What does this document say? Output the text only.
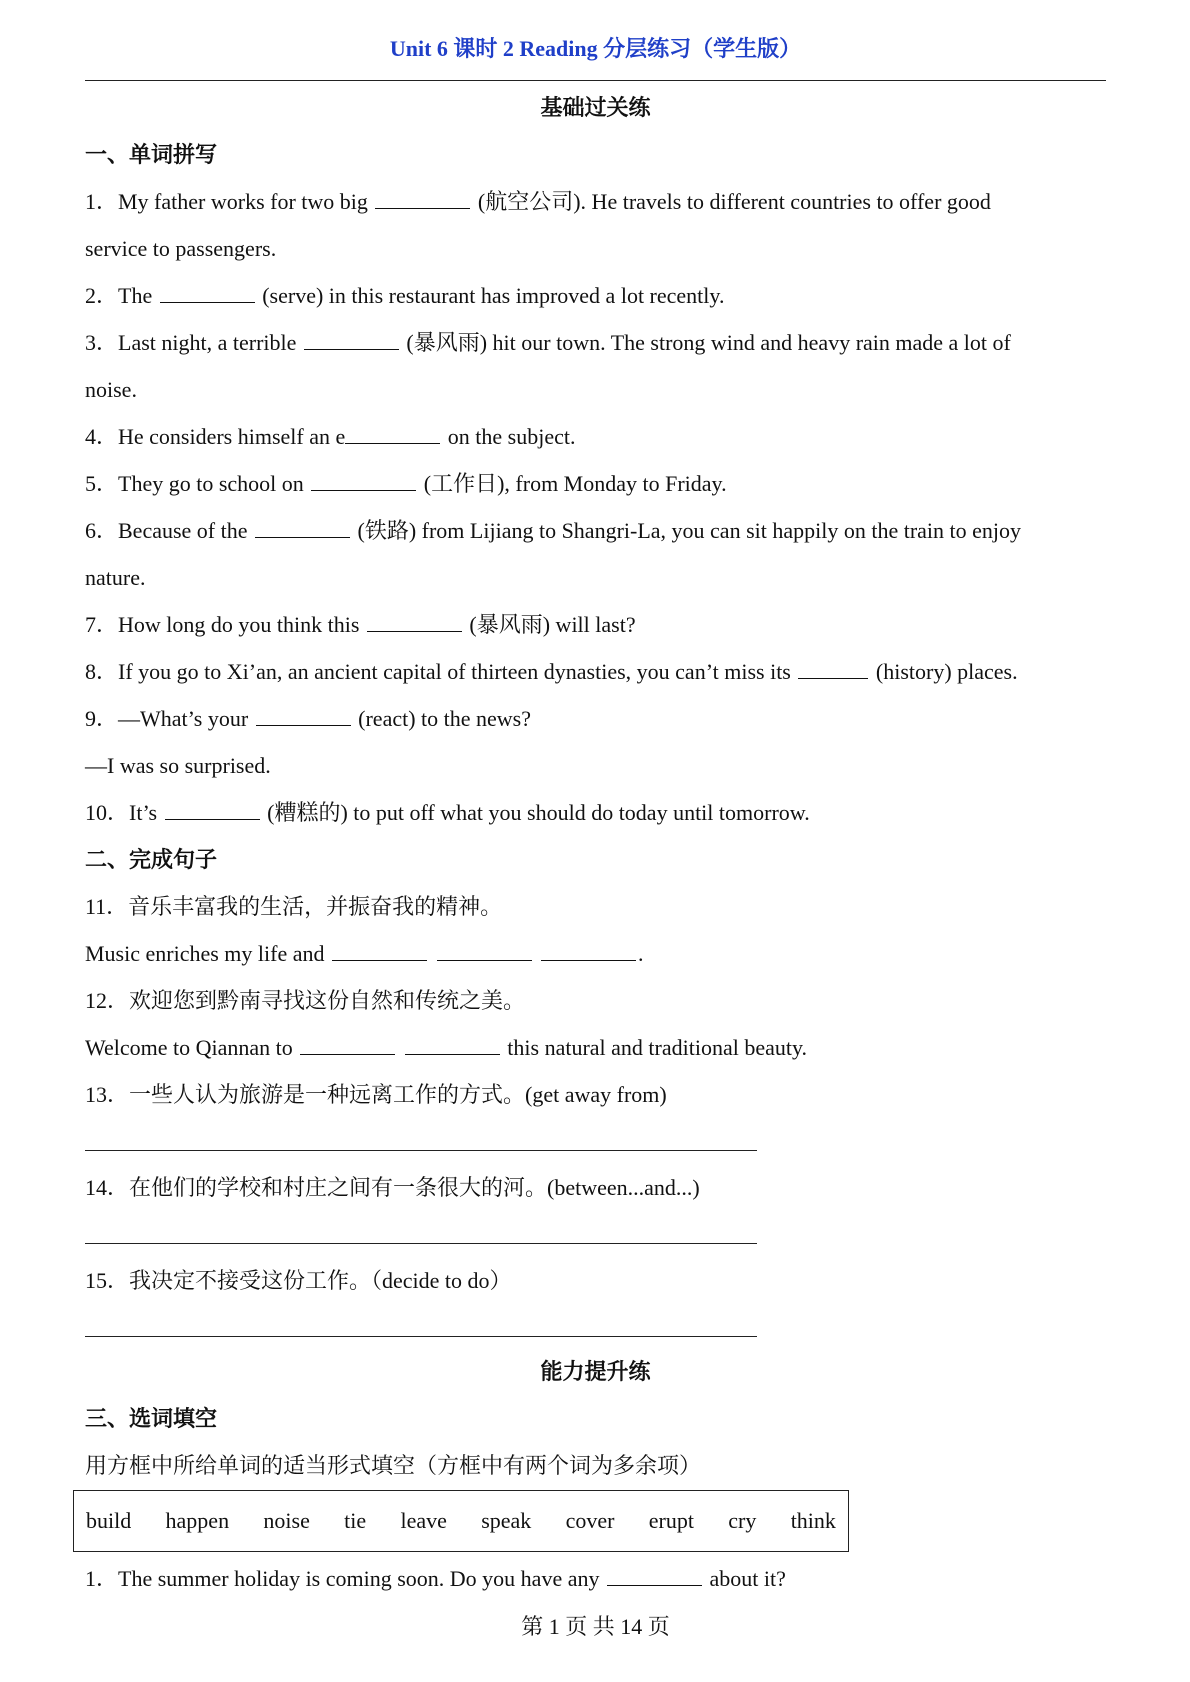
Unit 6 课时 2 Reading 分层练习（学生版）
基础过关练
一、单词拼写
1．My father works for two big	(航空公司). He travels to different countries to offer good
service to passengers.
2．The	(serve) in this restaurant has improved a lot recently.
3．Last night, a terrible	(暴风雨) hit our town. The strong wind and heavy rain made a lot of
noise.
4．He considers himself an e	on the subject.
5．They go to school on	(工作日), from Monday to Friday.
6．Because of the	(铁路) from Lijiang to Shangri-La, you can sit happily on the train to enjoy
nature.
7．How long do you think this	(暴风雨) will last?
8．If you go to Xi’an, an ancient capital of thirteen dynasties, you can’t miss its	(history) places.
9．—What’s your	(react) to the news?
—I was so surprised.
10．It’s	(糟糕的) to put off what you should do today until tomorrow.
二、完成句子
11．音乐丰富我的生活，并振奋我的精神。
Music enriches my life and	.
12．欢迎您到黔南寻找这份自然和传统之美。
Welcome to Qiannan to	this natural and traditional beauty.
13．一些人认为旅游是一种远离工作的方式。(get away from)
14．在他们的学校和村庄之间有一条很大的河。(between...and...)
15．我决定不接受这份工作。（decide to do）
能力提升练
三、选词填空
用方框中所给单词的适当形式填空（方框中有两个词为多余项）
build happen noise tie leave speak cover erupt cry think
1．The summer holiday is coming soon. Do you have any	about it?
第 1 页 共 14 页
